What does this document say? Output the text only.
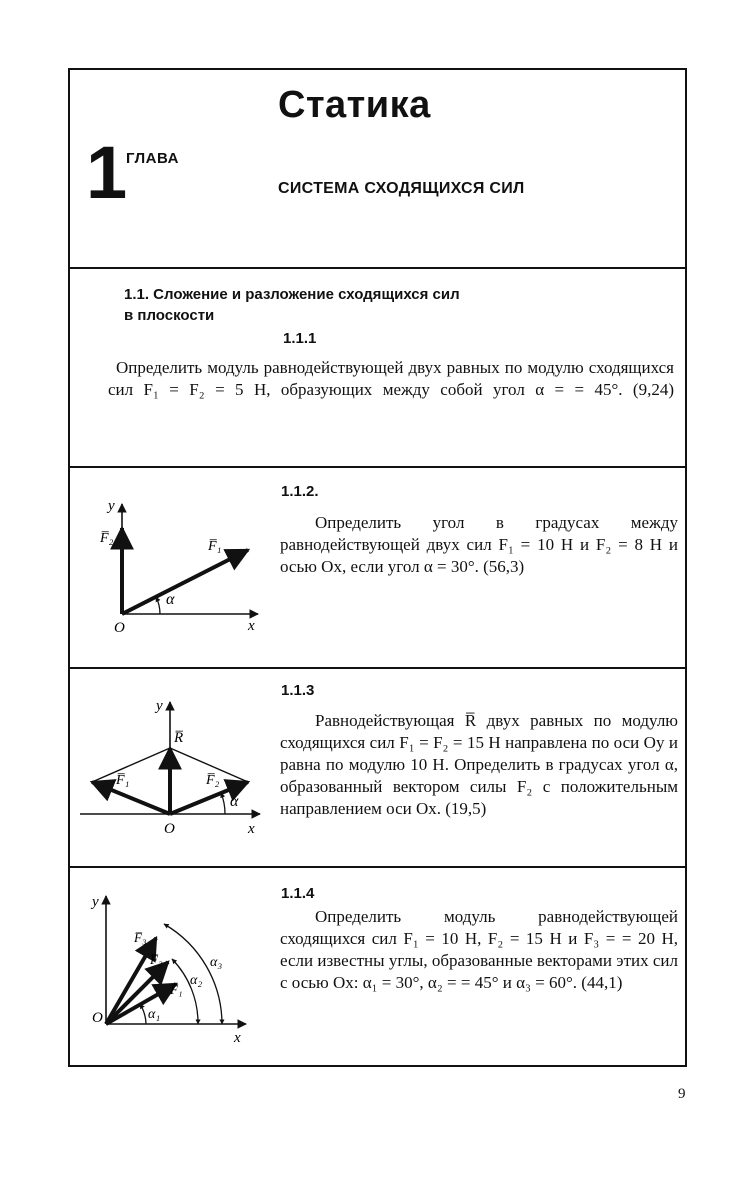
Статика
1
ГЛАВА
СИСТЕМА СХОДЯЩИХСЯ СИЛ
1.1. Сложение и разложение сходящихся сил
в плоскости
1.1.1
Определить модуль равнодействующей двух равных по модулю сходящихся сил F₁ = F₂ = 5 Н, образующих между собой угол α = = 45°. (9,24)
1.1.2.
Определить угол в градусах между равнодействующей двух сил F₁ = 10 Н и F₂ = 8 Н и осью Ox, если угол α = 30°. (56,3)
y
x
O
F̅₂
F̅₁
α
1.1.3
Равнодействующая R̅ двух равных по модулю сходящихся сил F₁ = F₂ = 15 Н направлена по оси Oy и равна по модулю 10 Н. Определить в градусах угол α, образованный вектором силы F₂ с положительным направлением оси Ox. (19,5)
y
x
O
R̅
F̅₁	F̅₂
α
1.1.4
Определить модуль равнодействующей сходящихся сил F₁ = 10 Н, F₂ = 15 Н и F₃ = = 20 Н, если известны углы, образованные векторами этих сил с осью Ox: α₁ = 30°, α₂ = = 45° и α₃ = 60°. (44,1)
y
x
O
F̅₃
F̅₂
F̅₁
α₁
α₂
α₃
9
